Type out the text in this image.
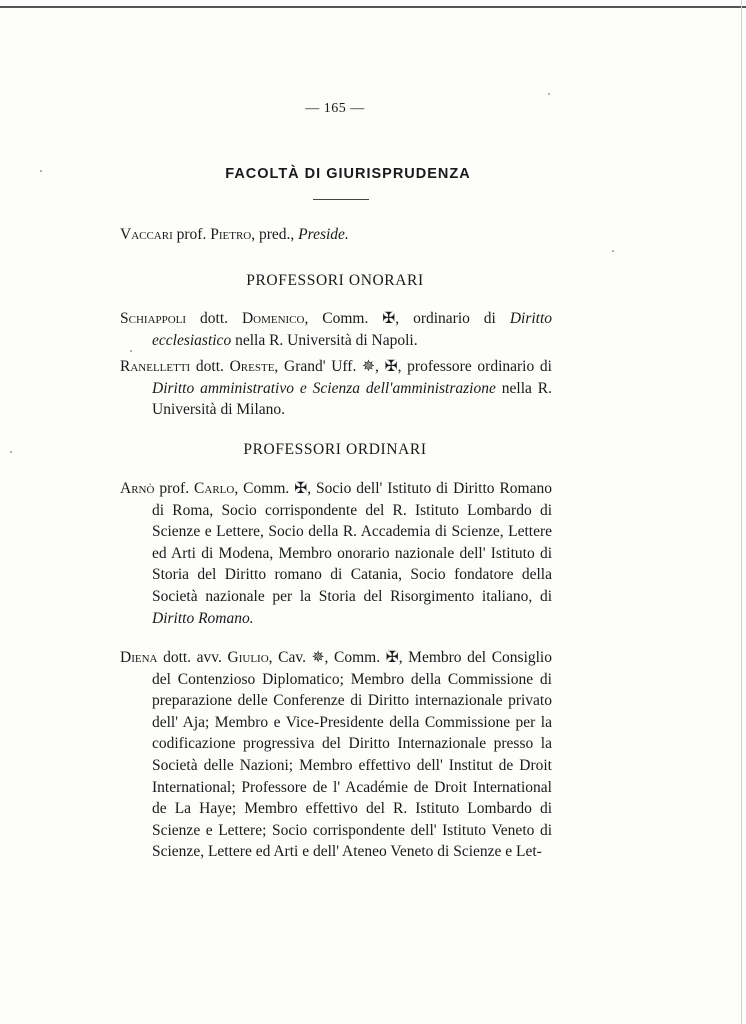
— 165 —
FACOLTÀ DI GIURISPRUDENZA
Vaccari prof. Pietro, pred., Preside.
PROFESSORI ONORARI
Schiappoli dott. Domenico, Comm. ✠, ordinario di Diritto ecclesiastico nella R. Università di Napoli.
Ranelletti dott. Oreste, Grand' Uff. ✵, ✠, professore ordinario di Diritto amministrativo e Scienza dell'amministrazione nella R. Università di Milano.
PROFESSORI ORDINARI
Arnò prof. Carlo, Comm. ✠, Socio dell' Istituto di Diritto Romano di Roma, Socio corrispondente del R. Istituto Lombardo di Scienze e Lettere, Socio della R. Accademia di Scienze, Lettere ed Arti di Modena, Membro onorario nazionale dell' Istituto di Storia del Diritto romano di Catania, Socio fondatore della Società nazionale per la Storia del Risorgimento italiano, di Diritto Romano.
Diena dott. avv. Giulio, Cav. ✵, Comm. ✠, Membro del Consiglio del Contenzioso Diplomatico; Membro della Commissione di preparazione delle Conferenze di Diritto internazionale privato dell' Aja; Membro e Vice-Presidente della Commissione per la codificazione progressiva del Diritto Internazionale presso la Società delle Nazioni; Membro effettivo dell' Institut de Droit International; Professore de l' Académie de Droit International de La Haye; Membro effettivo del R. Istituto Lombardo di Scienze e Lettere; Socio corrispondente dell' Istituto Veneto di Scienze, Lettere ed Arti e dell' Ateneo Veneto di Scienze e Let-
